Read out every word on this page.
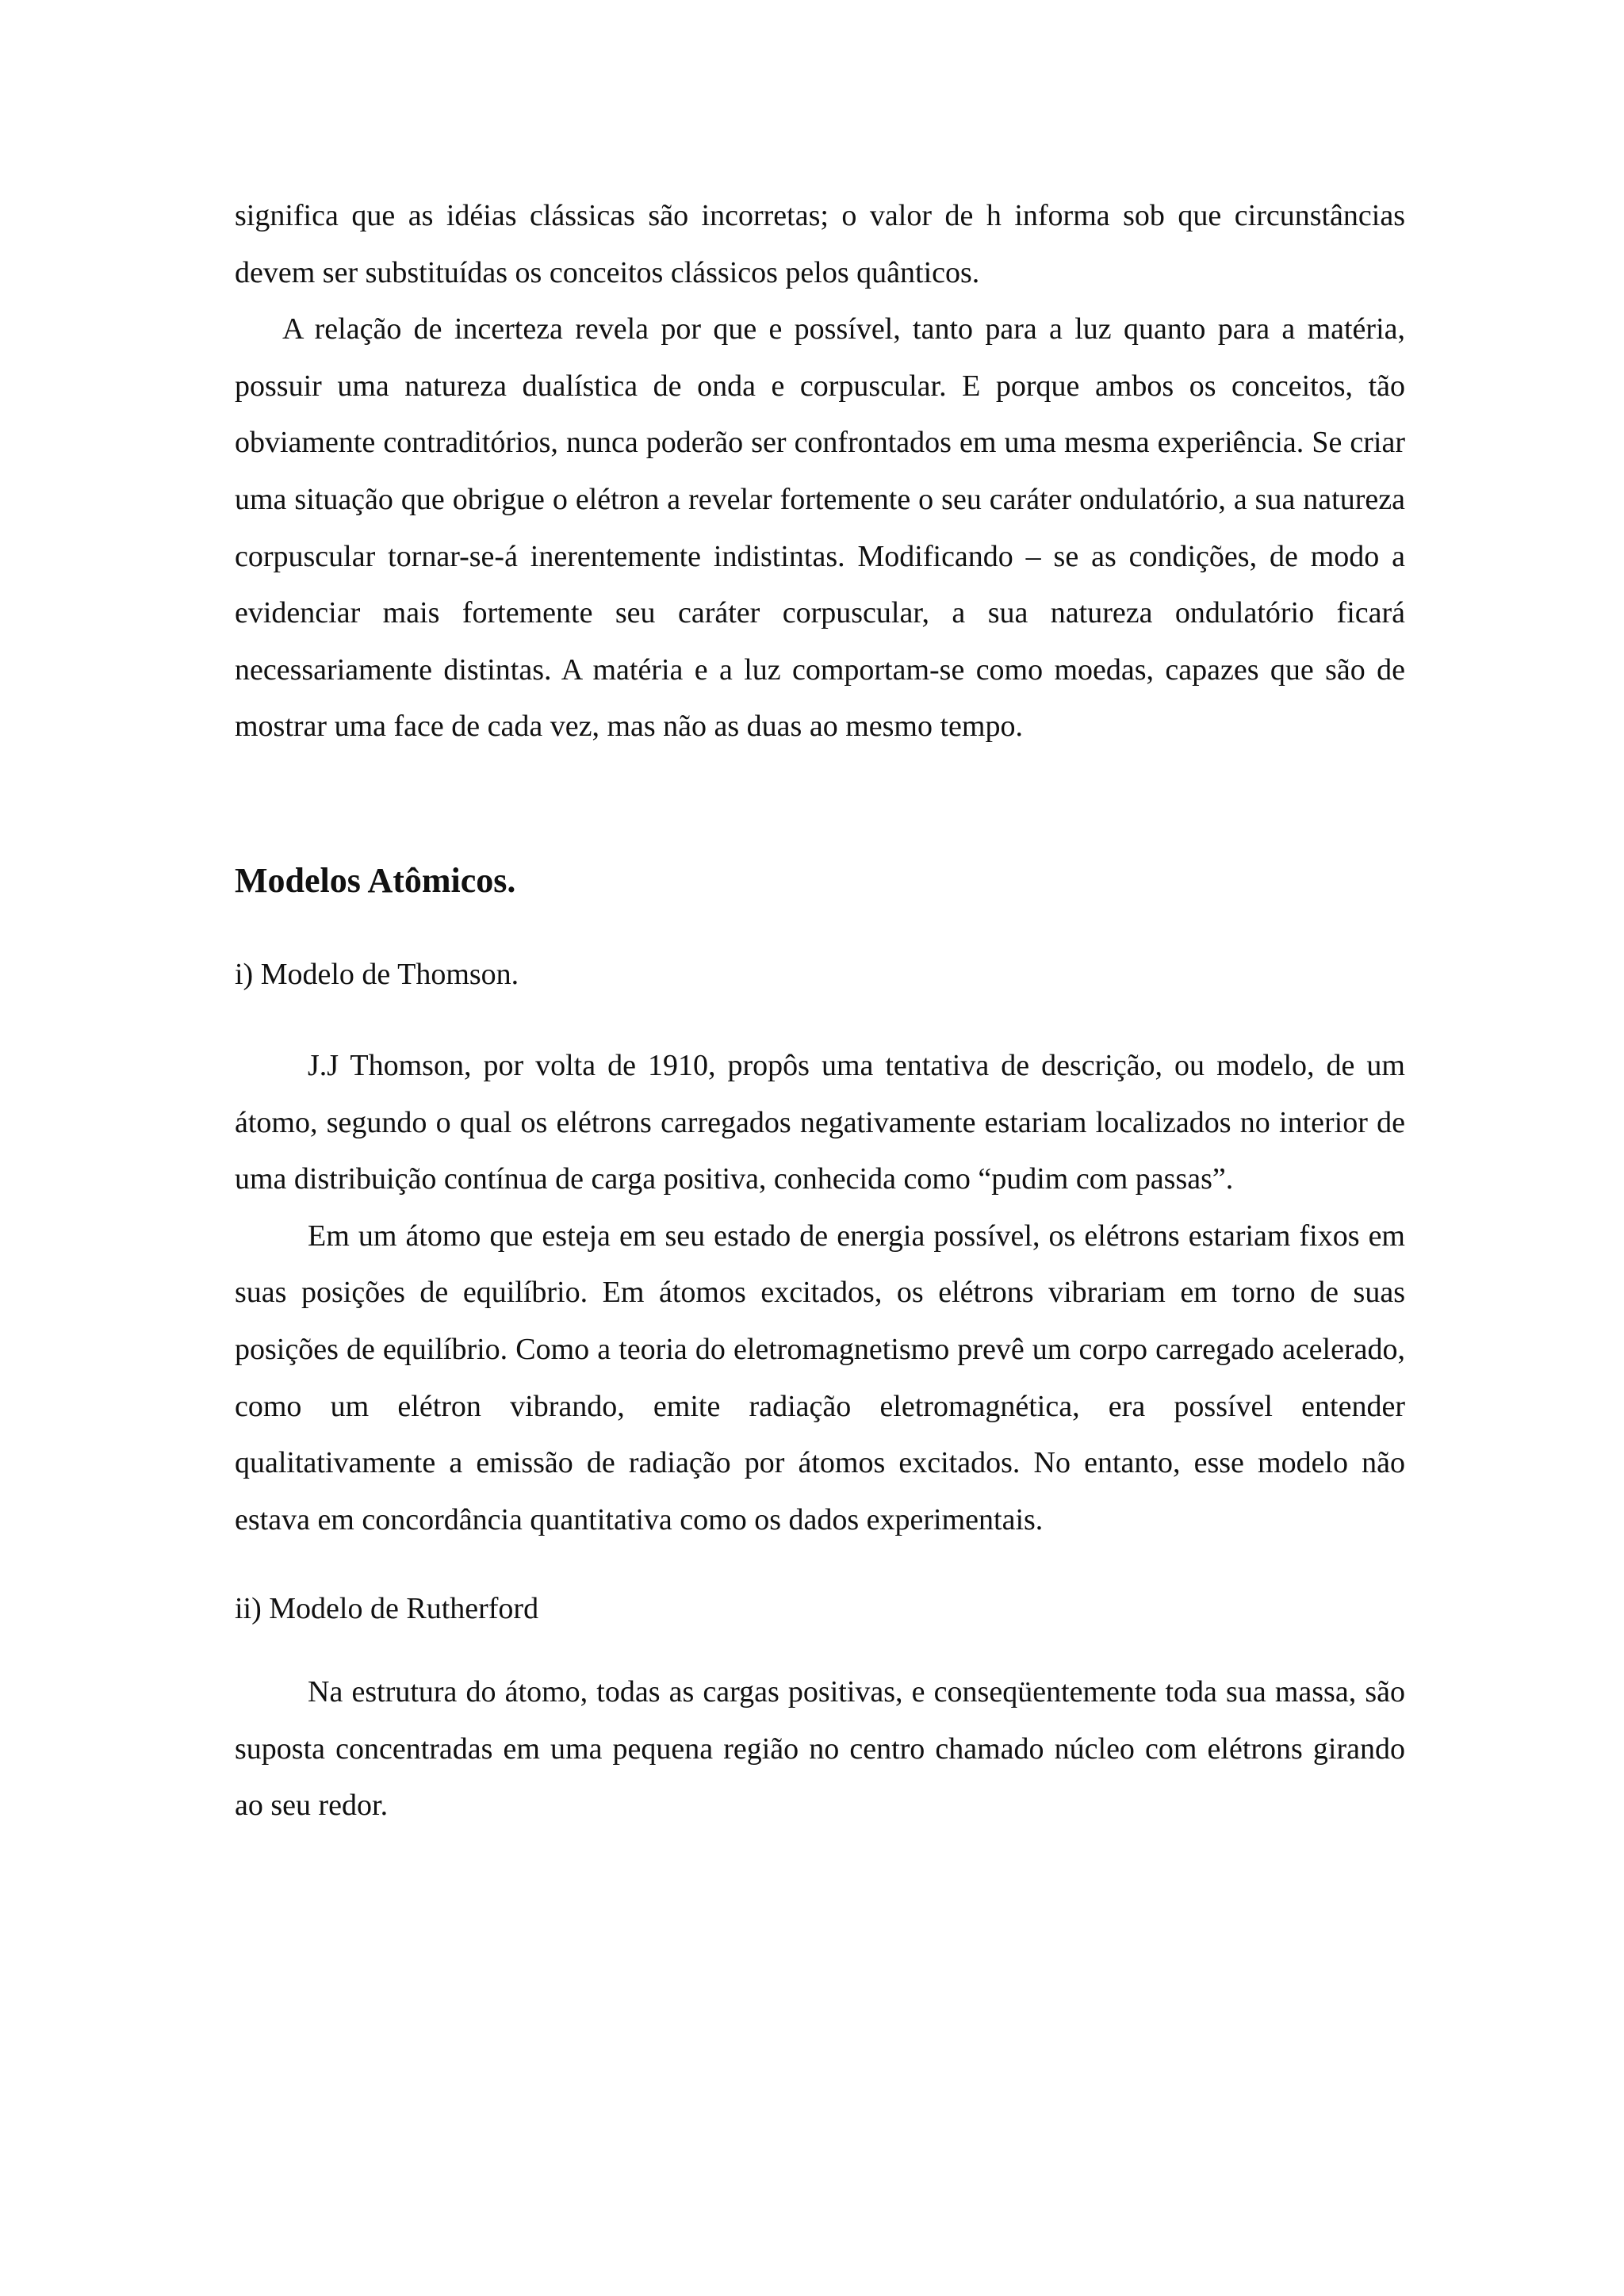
significa que as idéias clássicas são incorretas; o valor de h informa sob que circunstâncias devem ser substituídas os conceitos clássicos pelos quânticos.

A relação de incerteza revela por que e possível, tanto para a luz quanto para a matéria, possuir uma natureza dualística de onda e corpuscular. E porque ambos os conceitos, tão obviamente contraditórios, nunca poderão ser confrontados em uma mesma experiência. Se criar uma situação que obrigue o elétron a revelar fortemente o seu caráter ondulatório, a sua natureza corpuscular tornar-se-á inerentemente indistintas. Modificando – se as condições, de modo a evidenciar mais fortemente seu caráter corpuscular, a sua natureza ondulatório ficará necessariamente distintas. A matéria e a luz comportam-se como moedas, capazes que são de mostrar uma face de cada vez, mas não as duas ao mesmo tempo.

Modelos Atômicos.

i) Modelo de Thomson.

J.J Thomson, por volta de 1910, propôs uma tentativa de descrição, ou modelo, de um átomo, segundo o qual os elétrons carregados negativamente estariam localizados no interior de uma distribuição contínua de carga positiva, conhecida como “pudim com passas”.

Em um átomo que esteja em seu estado de energia possível, os elétrons estariam fixos em suas posições de equilíbrio. Em átomos excitados, os elétrons vibrariam em torno de suas posições de equilíbrio. Como a teoria do eletromagnetismo prevê um corpo carregado acelerado, como um elétron vibrando, emite radiação eletromagnética, era possível entender qualitativamente a emissão de radiação por átomos excitados. No entanto, esse modelo não estava em concordância quantitativa como os dados experimentais.

ii) Modelo de Rutherford

Na estrutura do átomo, todas as cargas positivas, e conseqüentemente toda sua massa, são suposta concentradas em uma pequena região no centro chamado núcleo com elétrons girando ao seu redor.
